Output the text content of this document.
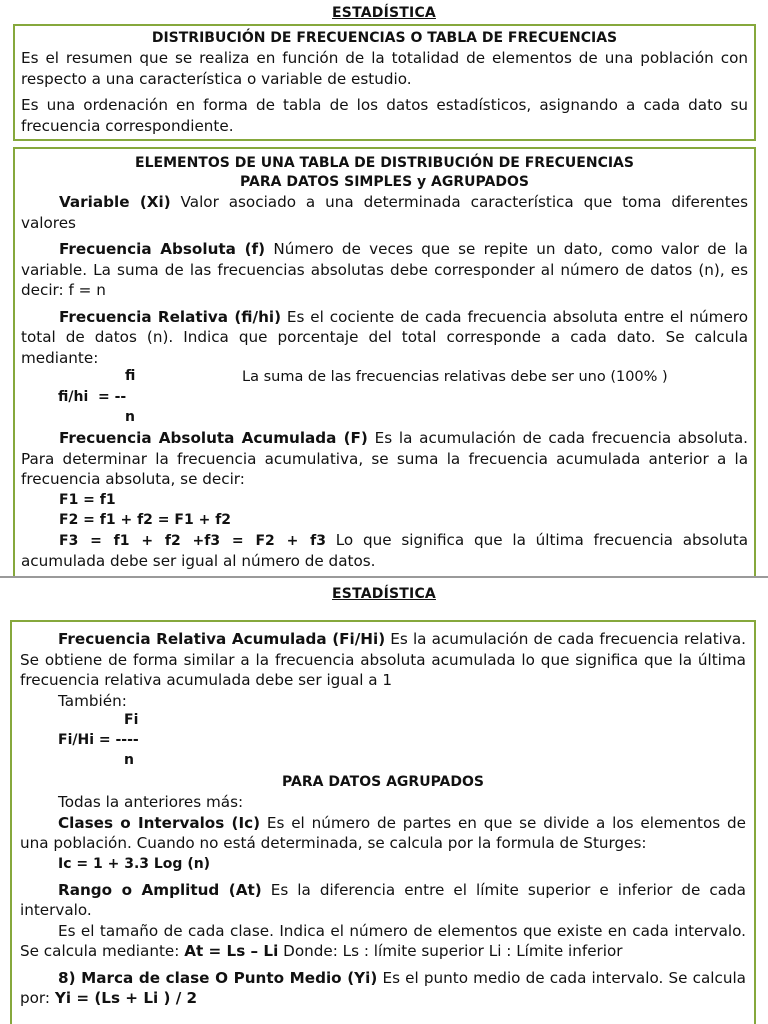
ESTADÍSTICA
DISTRIBUCIÓN DE FRECUENCIAS O TABLA DE FRECUENCIAS

Es el resumen que se realiza en función de la totalidad de elementos de una población con respecto a una característica o variable de estudio.

Es una ordenación en forma de tabla de los datos estadísticos, asignando a cada dato su frecuencia correspondiente.

ELEMENTOS DE UNA TABLA DE DISTRIBUCIÓN DE FRECUENCIAS
PARA DATOS SIMPLES y AGRUPADOS

Variable (Xi) Valor asociado a una determinada característica que toma diferentes valores

Frecuencia Absoluta (f) Número de veces que se repite un dato, como valor de la variable. La suma de las frecuencias absolutas debe corresponder al número de datos (n), es decir: f = n

Frecuencia Relativa (fi/hi) Es el cociente de cada frecuencia absoluta entre el número total de datos (n). Indica que porcentaje del total corresponde a cada dato. Se calcula mediante:

fi	La suma de las frecuencias relativas debe ser uno (100% )
fi/hi  = --
n

Frecuencia Absoluta Acumulada (F) Es la acumulación de cada frecuencia absoluta. Para determinar la frecuencia acumulativa, se suma la frecuencia acumulada anterior a la frecuencia absoluta, se decir:

F1 = f1
F2 = f1 + f2 = F1 + f2

F3 = f1 + f2 +f3 = F2 + f3 Lo que significa que la última frecuencia absoluta acumulada debe ser igual al número de datos.

ESTADÍSTICA

Frecuencia Relativa Acumulada (Fi/Hi) Es la acumulación de cada frecuencia relativa. Se obtiene de forma similar a la frecuencia absoluta acumulada lo que significa que la última frecuencia relativa acumulada debe ser igual a 1

También:

Fi
Fi/Hi = ----
n
PARA DATOS AGRUPADOS

Todas la anteriores más:

Clases o Intervalos (Ic) Es el número de partes en que se divide a los elementos de una población. Cuando no está determinada, se calcula por la formula de Sturges:

Ic = 1 + 3.3 Log (n)

Rango o Amplitud (At) Es la diferencia entre el límite superior e inferior de cada intervalo.

Es el tamaño de cada clase. Indica el número de elementos que existe en cada intervalo. Se calcula mediante: At = Ls – Li Donde: Ls : límite superior Li : Límite inferior

8) Marca de clase O Punto Medio (Yi) Es el punto medio de cada intervalo. Se calcula por: Yi = (Ls + Li ) / 2
